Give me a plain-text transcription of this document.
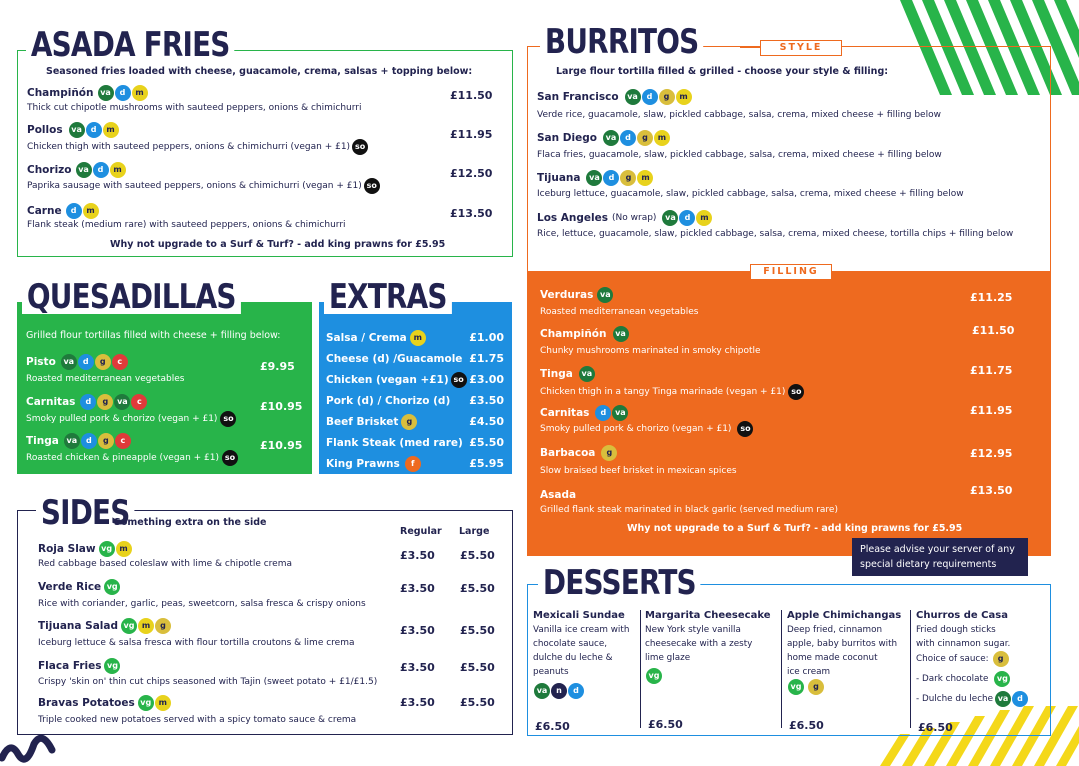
ASADA FRIES
Seasoned fries loaded with cheese, guacamole, crema, salsas + topping below:
Champiñón va	d	m
Thick cut chipotle mushrooms with sauteed peppers, onions & chimichurri
£11.50
Pollos	va	d	m
Chicken thigh with sauteed peppers, onions & chimichurri (vegan + £1) so
£11.95
Chorizo va	d	m
Paprika sausage with sauteed peppers, onions & chimichurri (vegan + £1) so
£12.50
Carne	d	m
Flank steak (medium rare) with sauteed peppers, onions & chimichurri
£13.50
Why not upgrade to a Surf & Turf? - add king prawns for £5.95
QUESADILLAS
Grilled flour tortillas filled with cheese + filling below:
Pisto va	d	g	c
Roasted mediterranean vegetables
£9.95
Carnitas	d	g	va	c
Smoky pulled pork & chorizo (vegan + £1) so
£10.95
Tinga va	d	g	c
Roasted chicken & pineapple (vegan + £1) so
£10.95
EXTRAS
Salsa / Crema m	£1.00
Cheese (d) /Guacamole £1.75
Chicken (vegan +£1) so £3.00
Pork (d) / Chorizo (d) £3.50
Beef Brisket	g	£4.50
Flank Steak (med rare) £5.50
King Prawns	f	£5.95
SIDES
Something extra on the side
Regular Large
Roja Slaw vg m
Red cabbage based coleslaw with lime & chipotle crema
£3.50 £5.50
Verde Rice vg
Rice with coriander, garlic, peas, sweetcorn, salsa fresca & crispy onions
£3.50 £5.50
Tijuana Salad vg m	g
Iceburg lettuce & salsa fresca with flour tortilla croutons & lime crema
£3.50 £5.50
Flaca Fries vg
Crispy 'skin on' thin cut chips seasoned with Tajin (sweet potato + £1/£1.5)
£3.50 £5.50
Bravas Potatoes vg m
Triple cooked new potatoes served with a spicy tomato sauce & crema
£3.50 £5.50
BURRITOS	STYLE
Large flour tortilla filled & grilled - choose your style & filling:
San Francisco	va	d	g	m
Verde rice, guacamole, slaw, pickled cabbage, salsa, crema, mixed cheese + filling below
San Diego	va	d	g	m
Flaca fries, guacamole, slaw, pickled cabbage, salsa, crema, mixed cheese + filling below
Tijuana	va	d	g	m
Iceburg lettuce, guacamole, slaw, pickled cabbage, salsa, crema, mixed cheese + filling below
Los Angeles (No wrap)	va	d	m
Rice, lettuce, guacamole, slaw, pickled cabbage, salsa, crema, mixed cheese, tortilla chips + filling below
FILLING
Verduras va
Roasted mediterranean vegetables
£11.25
Champiñón	va
Chunky mushrooms marinated in smoky chipotle
£11.50
Tinga	va
Chicken thigh in a tangy Tinga marinade (vegan + £1) so
£11.75
Carnitas	d	va
Smoky pulled pork & chorizo (vegan + £1)	so
£11.95
Barbacoa	g
Slow braised beef brisket in mexican spices
£12.95
Asada
Grilled flank steak marinated in black garlic (served medium rare)
£13.50
Why not upgrade to a Surf & Turf? - add king prawns for £5.95
Please advise your server of any special dietary requirements
DESSERTS
Mexicali Sundae
Vanilla ice cream with
chocolate sauce,
dulche du leche &
peanuts
va	n	d
£6.50
Margarita Cheesecake
New York style vanilla
cheesecake with a zesty
lime glaze
vg
£6.50
Apple Chimichangas
Deep fried, cinnamon
apple, baby burritos with
home made coconut
ice cream
vg	g
£6.50
Churros de Casa
Fried dough sticks
with cinnamon sugar.
Choice of sauce:	g
- Dark chocolate	vg
- Dulche du leche va	d
£6.50
